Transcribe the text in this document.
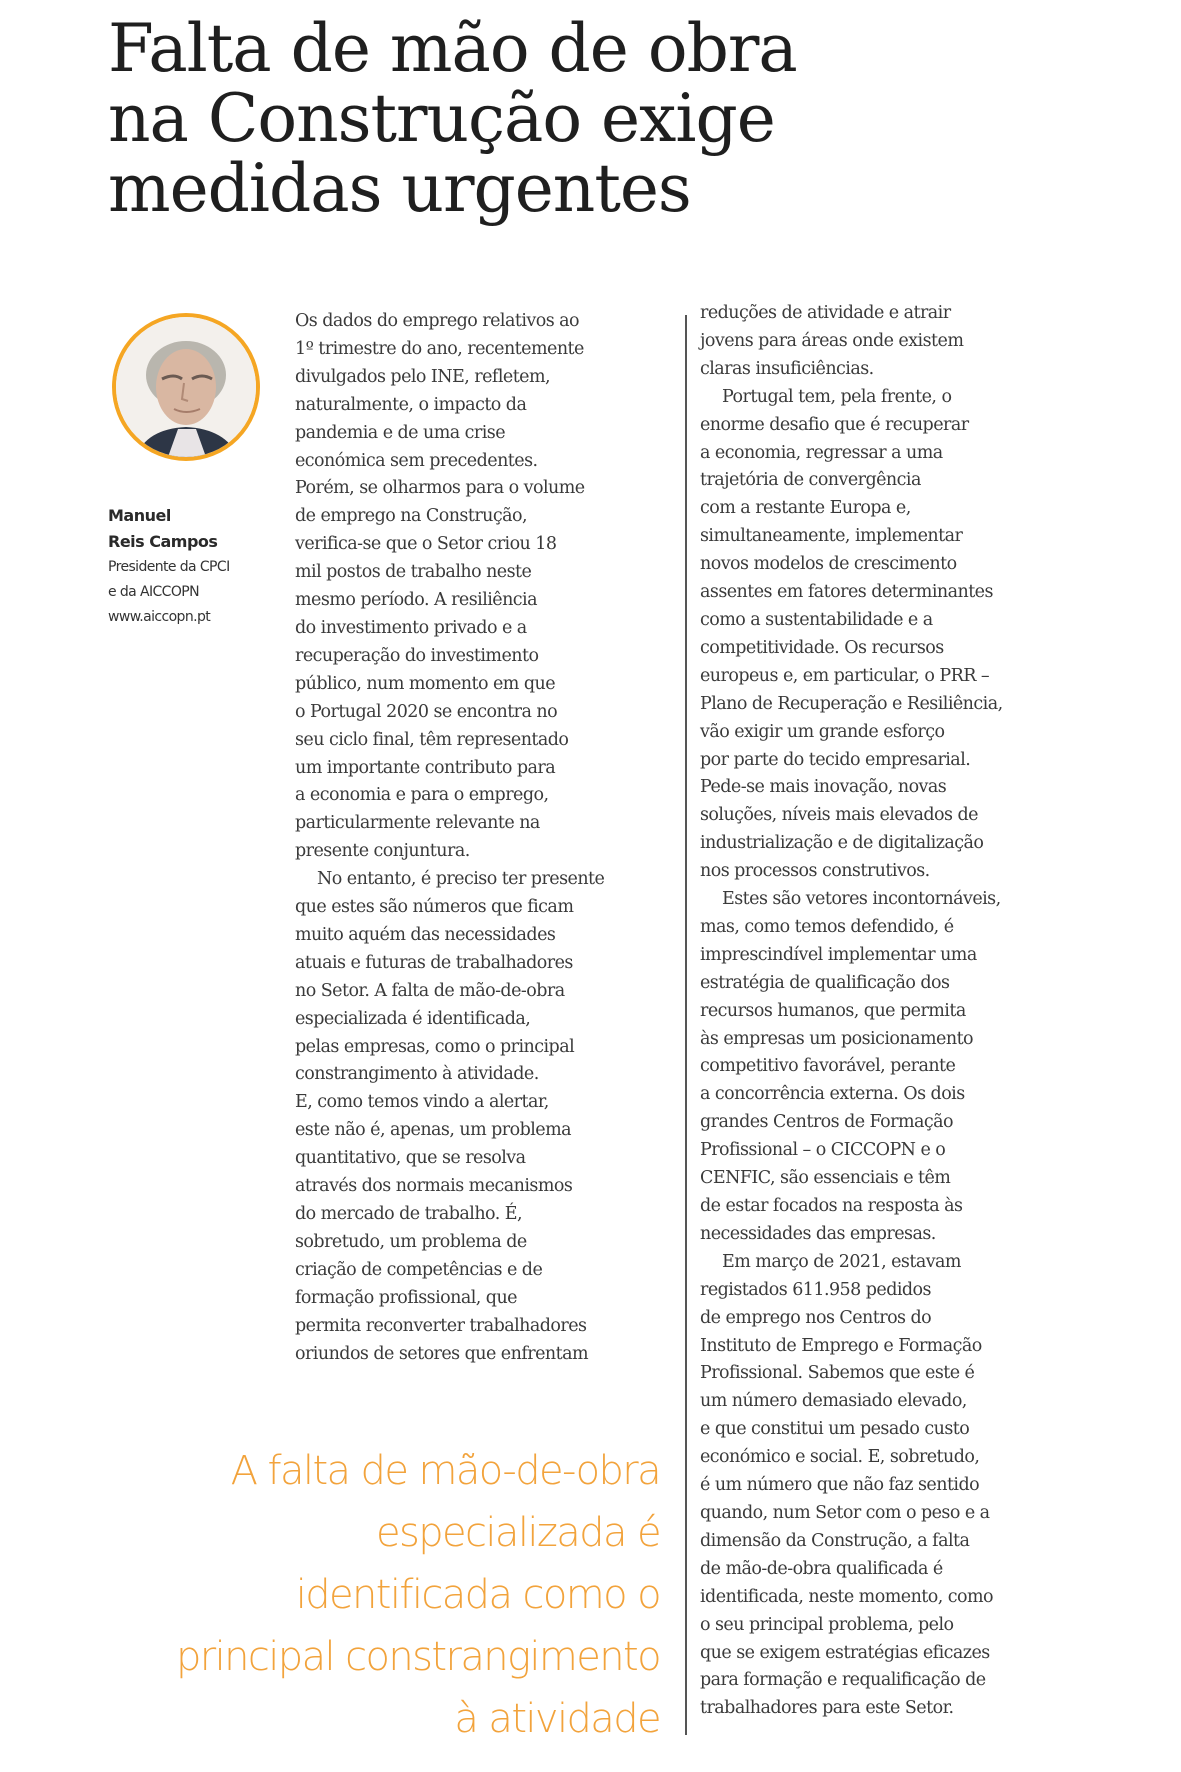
Falta de mão de obra
na Construção exige
medidas urgentes
Manuel
Reis Campos
Presidente da CPCI
e da AICCOPN
www.aiccopn.pt
Os dados do emprego relativos ao
1º trimestre do ano, recentemente
divulgados pelo INE, refletem,
naturalmente, o impacto da
pandemia e de uma crise
económica sem precedentes.
Porém, se olharmos para o volume
de emprego na Construção,
verifica-se que o Setor criou 18
mil postos de trabalho neste
mesmo período. A resiliência
do investimento privado e a
recuperação do investimento
público, num momento em que
o Portugal 2020 se encontra no
seu ciclo final, têm representado
um importante contributo para
a economia e para o emprego,
particularmente relevante na
presente conjuntura.
No entanto, é preciso ter presente
que estes são números que ficam
muito aquém das necessidades
atuais e futuras de trabalhadores
no Setor. A falta de mão-de-obra
especializada é identificada,
pelas empresas, como o principal
constrangimento à atividade.
E, como temos vindo a alertar,
este não é, apenas, um problema
quantitativo, que se resolva
através dos normais mecanismos
do mercado de trabalho. É,
sobretudo, um problema de
criação de competências e de
formação profissional, que
permita reconverter trabalhadores
oriundos de setores que enfrentam
reduções de atividade e atrair
jovens para áreas onde existem
claras insuficiências.
Portugal tem, pela frente, o
enorme desafio que é recuperar
a economia, regressar a uma
trajetória de convergência
com a restante Europa e,
simultaneamente, implementar
novos modelos de crescimento
assentes em fatores determinantes
como a sustentabilidade e a
competitividade. Os recursos
europeus e, em particular, o PRR –
Plano de Recuperação e Resiliência,
vão exigir um grande esforço
por parte do tecido empresarial.
Pede-se mais inovação, novas
soluções, níveis mais elevados de
industrialização e de digitalização
nos processos construtivos.
Estes são vetores incontornáveis,
mas, como temos defendido, é
imprescindível implementar uma
estratégia de qualificação dos
recursos humanos, que permita
às empresas um posicionamento
competitivo favorável, perante
a concorrência externa. Os dois
grandes Centros de Formação
Profissional – o CICCOPN e o
CENFIC, são essenciais e têm
de estar focados na resposta às
necessidades das empresas.
Em março de 2021, estavam
registados 611.958 pedidos
de emprego nos Centros do
Instituto de Emprego e Formação
Profissional. Sabemos que este é
um número demasiado elevado,
e que constitui um pesado custo
económico e social. E, sobretudo,
é um número que não faz sentido
quando, num Setor com o peso e a
dimensão da Construção, a falta
de mão-de-obra qualificada é
identificada, neste momento, como
o seu principal problema, pelo
que se exigem estratégias eficazes
para formação e requalificação de
trabalhadores para este Setor.
A falta de mão-de-obra
especializada é
identificada como o
principal constrangimento
à atividade
